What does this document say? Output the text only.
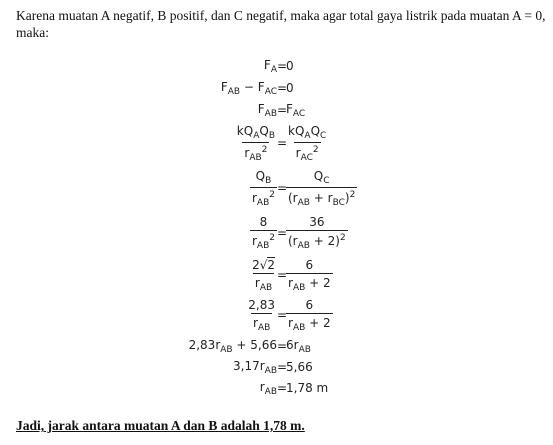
Karena muatan A negatif, B positif, dan C negatif, maka agar total gaya listrik pada muatan A = 0, maka:
$F_A$ =
0
$F_{AB} - F_{AC}$ =
0
$F_{AB}$ =
$F_{AC}$
$\frac{kQ_AQ_B}{r_{AB}^2}$ =
$\frac{kQ_AQ_C}{r_{AC}^2}$
$\frac{Q_B}{r_{AB}^2}$ =
$\frac{Q_C}{(r_{AB} + r_{BC})^2}$
$\frac{8}{r_{AB}^2}$ =
$\frac{36}{(r_{AB} + 2)^2}$
$\frac{2√2}{r_{AB}}$ =
$\frac{6}{r_{AB} + 2}$
$\frac{2,83}{r_{AB}}$ =
$\frac{6}{r_{AB} + 2}$
$2,83r_{AB} + 5,66$ =
$6r_{AB}$
$3,17r_{AB}$ =
5,66
$r_{AB}$ =
1,78 m
Jadi, jarak antara muatan A dan B adalah 1,78 m.
